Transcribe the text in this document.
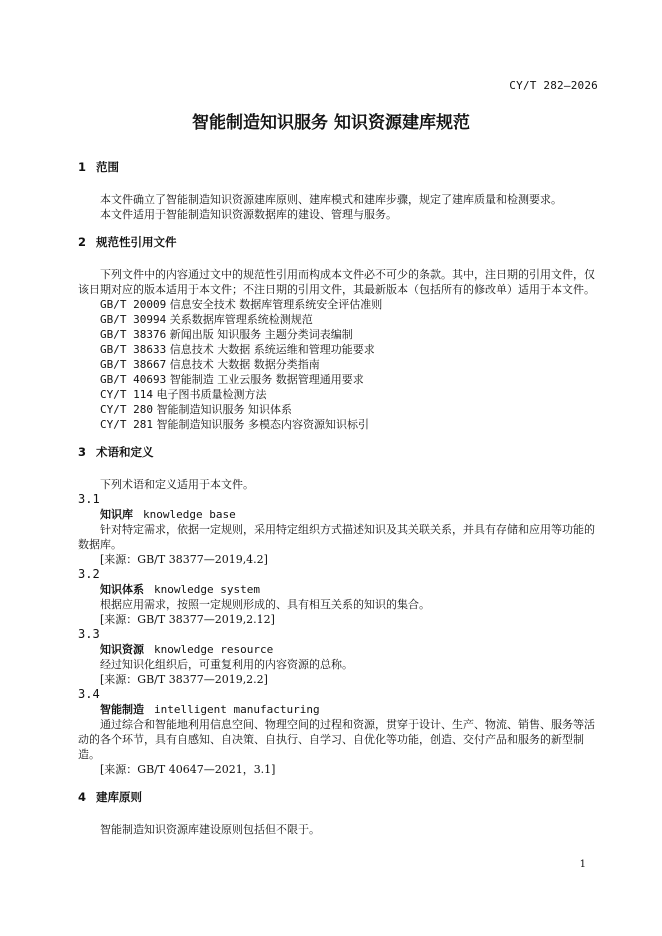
CY/T 282—2026
智能制造知识服务 知识资源建库规范

1 范围

本文件确立了智能制造知识资源建库原则、建库模式和建库步骤，规定了建库质量和检测要求。

本文件适用于智能制造知识资源数据库的建设、管理与服务。

2 规范性引用文件

下列文件中的内容通过文中的规范性引用而构成本文件必不可少的条款。其中，注日期的引用文件，仅该日期对应的版本适用于本文件；不注日期的引用文件，其最新版本（包括所有的修改单）适用于本文件。

GB/T 20009 信息安全技术 数据库管理系统安全评估准则

GB/T 30994 关系数据库管理系统检测规范

GB/T 38376 新闻出版 知识服务 主题分类词表编制

GB/T 38633 信息技术 大数据 系统运维和管理功能要求

GB/T 38667 信息技术 大数据 数据分类指南

GB/T 40693 智能制造 工业云服务 数据管理通用要求

CY/T 114 电子图书质量检测方法

CY/T 280 智能制造知识服务 知识体系

CY/T 281 智能制造知识服务 多模态内容资源知识标引

3 术语和定义

下列术语和定义适用于本文件。

3.1

知识库 knowledge base

针对特定需求，依据一定规则，采用特定组织方式描述知识及其关联关系，并具有存储和应用等功能的数据库。

[来源：GB/T 38377—2019,4.2]

3.2

知识体系 knowledge system

根据应用需求，按照一定规则形成的、具有相互关系的知识的集合。

[来源：GB/T 38377—2019,2.12]

3.3

知识资源 knowledge resource

经过知识化组织后，可重复利用的内容资源的总称。

[来源：GB/T 38377—2019,2.2]

3.4

智能制造 intelligent manufacturing

通过综合和智能地利用信息空间、物理空间的过程和资源，贯穿于设计、生产、物流、销售、服务等活动的各个环节，具有自感知、自决策、自执行、自学习、自优化等功能，创造、交付产品和服务的新型制造。

[来源：GB/T 40647—2021，3.1]

4 建库原则

智能制造知识资源库建设原则包括但不限于。

1
